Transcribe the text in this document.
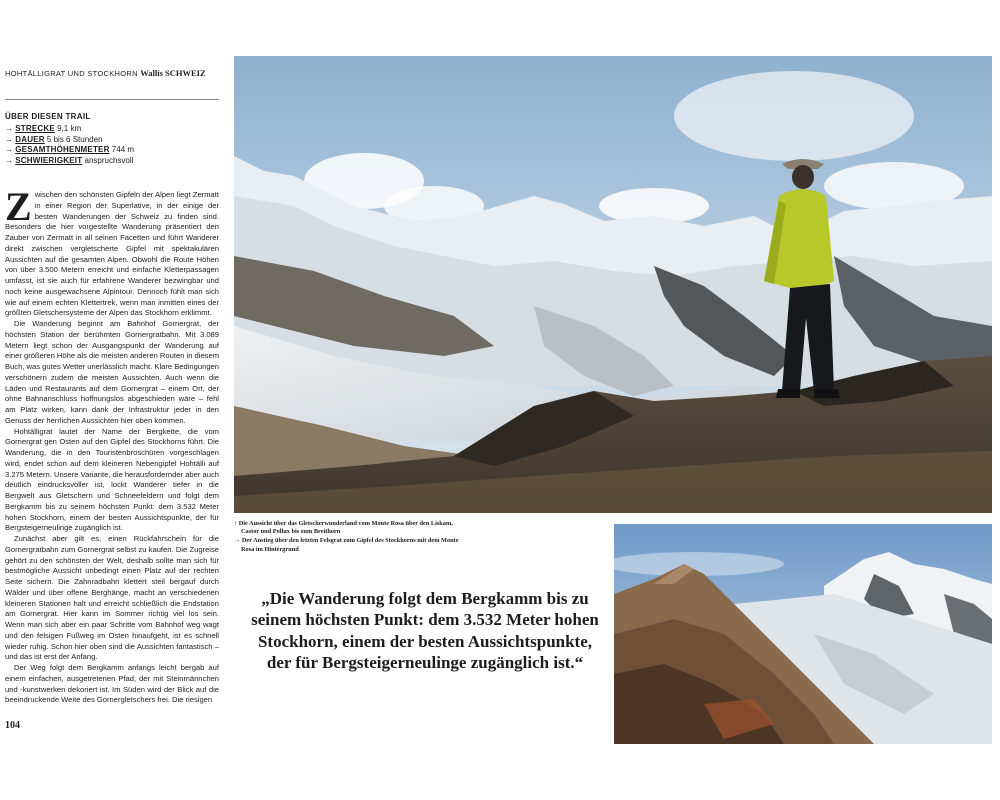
HOHTÄLLIGRAT UND STOCKHORN Wallis SCHWEIZ
ÜBER DIESEN TRAIL
→ STRECKE 9,1 km
→ DAUER 5 bis 6 Stunden
→ GESAMTHÖHENMETER 744 m
→ SCHWIERIGKEIT anspruchsvoll

Zwischen den schönsten Gipfeln der Alpen liegt Zermatt in einer Region der Superlative, in der einige der besten Wanderungen der Schweiz zu finden sind. Besonders die hier vorgestellte Wanderung präsentiert den Zauber von Zermatt in all seinen Facetten und führt Wanderer direkt zwischen vergletscherte Gipfel mit spektakulären Aussichten auf die gesamten Alpen. Obwohl die Route Höhen von über 3.500 Metern erreicht und einfache Kletterpassagen umfasst, ist sie auch für erfahrene Wanderer bezwingbar und noch keine ausgewachsene Alpintour. Dennoch fühlt man sich wie auf einem echten Klettertrek, wenn man inmitten eines der größten Gletschersysteme der Alpen das Stockhorn erklimmt.

Die Wanderung beginnt am Bahnhof Gornergrat, der höchsten Station der berühmten Gornergratbahn. Mit 3.089 Metern liegt schon der Ausgangspunkt der Wanderung auf einer größeren Höhe als die meisten anderen Routen in diesem Buch, was gutes Wetter unerlässlich macht. Klare Bedingungen verschönern zudem die meisten Aussichten. Auch wenn die Läden und Restaurants auf dem Gornergrat – einem Ort, der ohne Bahnanschluss hoffnungslos abgeschieden wäre – fehl am Platz wirken, kann dank der Infrastruktur jeder in den Genuss der herrlichen Aussichten hier oben kommen.

Hohtälligrat lautet der Name der Bergkette, die vom Gornergrat gen Osten auf den Gipfel des Stockhorns führt. Die Wanderung, die in den Touristenbroschüren vorgeschlagen wird, endet schon auf dem kleineren Nebengipfel Hohtälli auf 3.275 Metern. Unsere Variante, die herausfordernder aber auch deutlich eindrucksvoller ist, lockt Wanderer tiefer in die Bergwelt aus Gletschern und Schneefeldern und folgt dem Bergkamm bis zu seinem höchsten Punkt: dem 3.532 Meter hohen Stockhorn, einem der besten Aussichtspunkte, der für Bergsteigerneulinge zugänglich ist.

Zunächst aber gilt es, einen Rückfahrschein für die Gornergratbahn zum Gornergrat selbst zu kaufen. Die Zugreise gehört zu den schönsten der Welt, deshalb sollte man sich für bestmögliche Aussicht unbedingt einen Platz auf der rechten Seite sichern. Die Zahnradbahn klettert steil bergauf durch Wälder und über offene Berghänge, macht an verschiedenen kleineren Stationen halt und erreicht schließlich die Endstation am Gornergrat. Hier kann im Sommer richtig viel los sein. Wenn man sich aber ein paar Schritte vom Bahnhof weg wagt und den felsigen Fußweg im Osten hinaufgeht, ist es schnell wieder ruhig. Schon hier oben sind die Aussichten fantastisch – und das ist erst der Anfang.

Der Weg folgt dem Bergkamm anfangs leicht bergab auf einem einfachen, ausgetretenen Pfad, der mit Steinmännchen und -kunstwerken dekoriert ist. Im Süden wird der Blick auf die beeindruckende Weite des Gornergletschers frei. Die riesigen

104
↑ Die Aussicht über das Gletscherwunderland vom Monte Rosa über den Liskam, Castor und Pollux bis zum Breithorn
→ Der Anstieg über den letzten Felsgrat zum Gipfel des Stockhorns mit dem Monte Rosa im Hintergrund
„Die Wanderung folgt dem Bergkamm bis zu seinem höchsten Punkt: dem 3.532 Meter hohen Stockhorn, einem der besten Aussichtspunkte, der für Bergsteigerneulinge zugänglich ist.“
